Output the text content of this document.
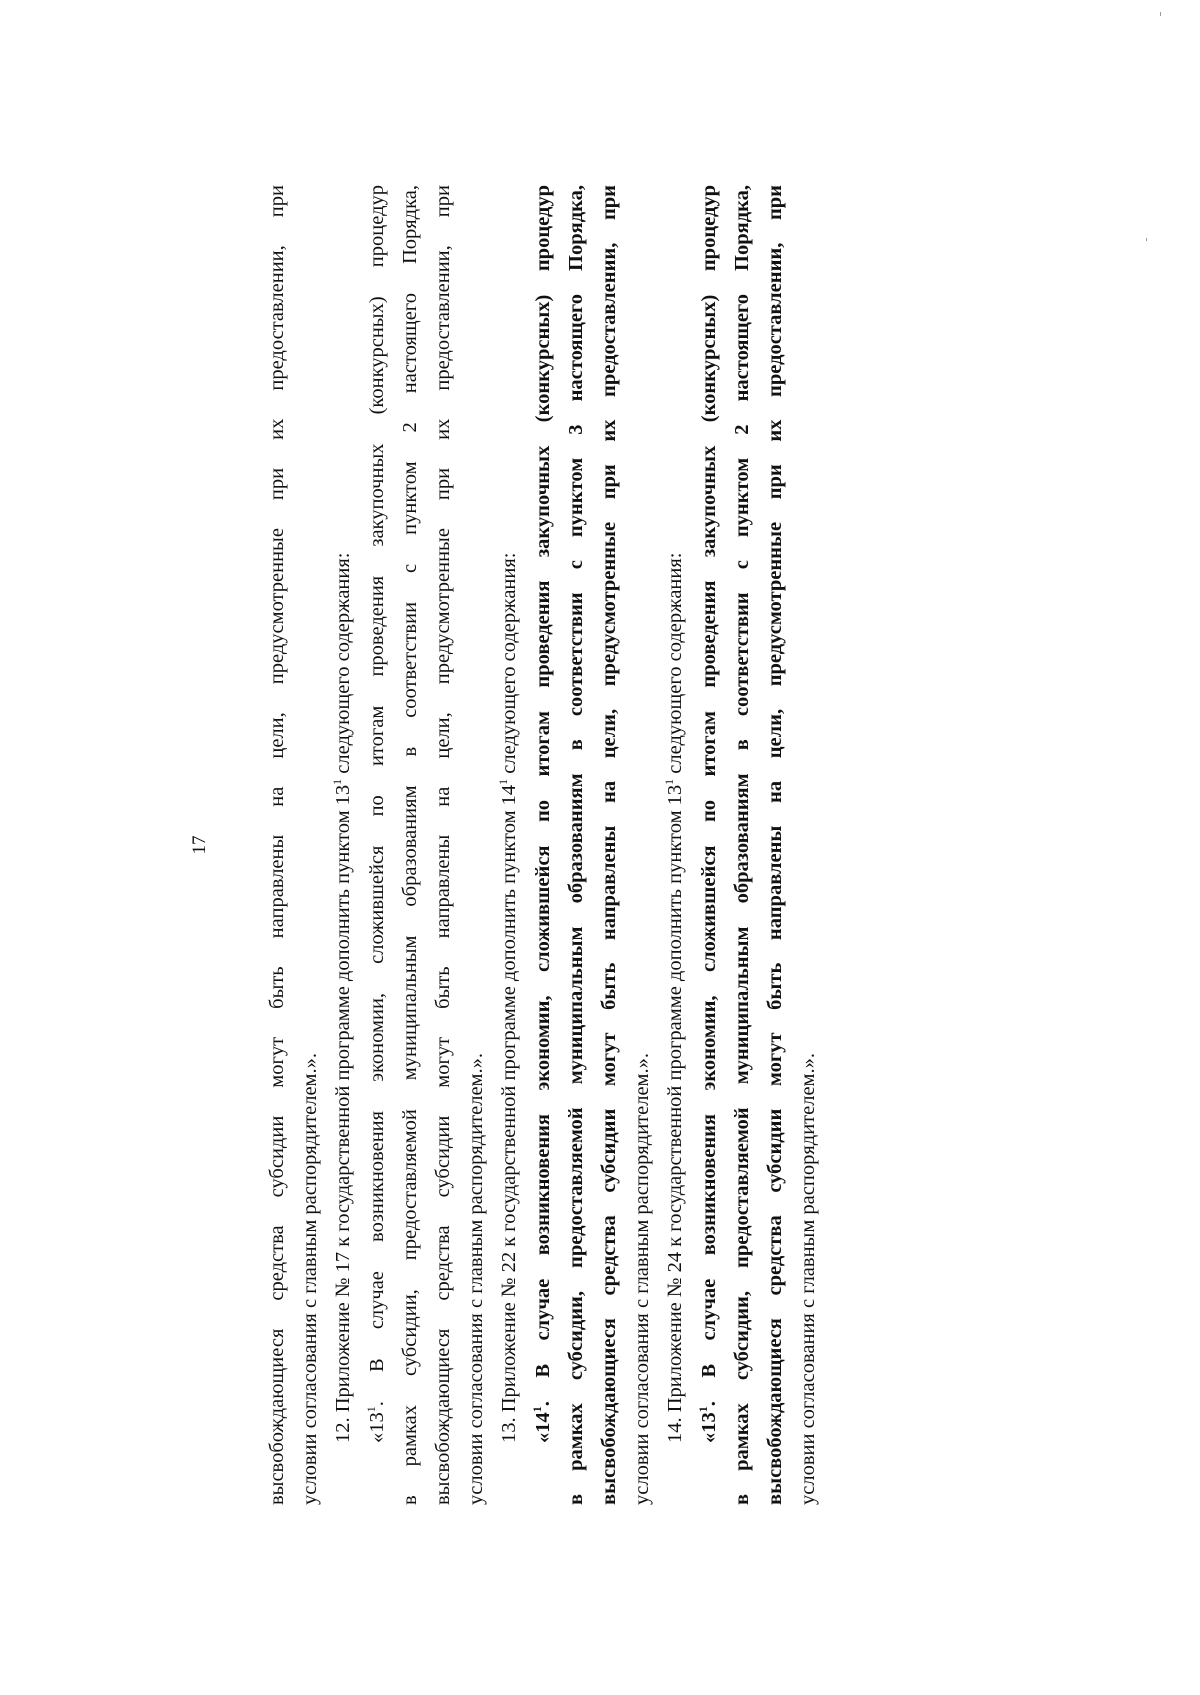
17	высвобождающиеся средства субсидии могут быть направлены на цели, предусмотренные при их предоставлении, при условии согласования с главным распорядителем.». 12. Приложение № 17 к государственной программе дополнить пунктом $13^1$ следующего содержания:
«$13^1$. В случае возникновения экономии, сложившейся по итогам проведения закупочных (конкурсных) процедур в рамках субсидии, предоставляемой муниципальным образованиям в соответствии с пунктом 2 настоящего Порядка, высвобождающиеся средства субсидии могут быть направлены на цели, предусмотренные при их предоставлении, при условии согласования с главным распорядителем.». 13. Приложение № 22 к государственной программе дополнить пунктом $14^1$ следующего содержания:
«$14^1$. В случае возникновения экономии, сложившейся по итогам проведения закупочных (конкурсных) процедур в рамках субсидии, предоставляемой муниципальным образованиям в соответствии с пунктом 3 настоящего Порядка, высвобождающиеся средства субсидии могут быть направлены на цели, предусмотренные при их предоставлении, при условии согласования с главным распорядителем.». 14. Приложение № 24 к государственной программе дополнить пунктом $13^1$ следующего содержания:
«$13^1$. В случае возникновения экономии, сложившейся по итогам проведения закупочных (конкурсных) процедур в рамках субсидии, предоставляемой муниципальным образованиям в соответствии с пунктом 2 настоящего Порядка, высвобождающиеся средства субсидии могут быть направлены на цели, предусмотренные при их предоставлении, при условии согласования с главным распорядителем.».
